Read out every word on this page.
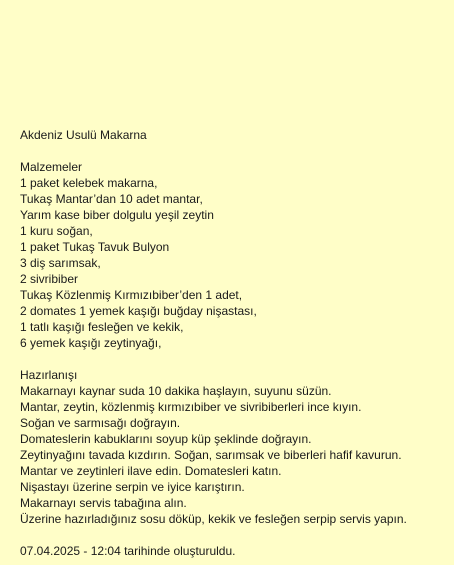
Akdeniz Usulü Makarna
Malzemeler
1 paket kelebek makarna,
Tukaş Mantar’dan 10 adet mantar,
Yarım kase biber dolgulu yeşil zeytin
1 kuru soğan,
1 paket Tukaş Tavuk Bulyon
3 diş sarımsak,
2 sivribiber
Tukaş Közlenmiş Kırmızıbiber’den 1 adet,
2 domates 1 yemek kaşığı buğday nişastası,
1 tatlı kaşığı fesleğen ve kekik,
6 yemek kaşığı zeytinyağı,
Hazırlanışı
Makarnayı kaynar suda 10 dakika haşlayın, suyunu süzün.
Mantar, zeytin, közlenmiş kırmızıbiber ve sivribiberleri ince kıyın.
Soğan ve sarmısağı doğrayın.
Domateslerin kabuklarını soyup küp şeklinde doğrayın.
Zeytinyağını tavada kızdırın. Soğan, sarımsak ve biberleri hafif kavurun.
Mantar ve zeytinleri ilave edin. Domatesleri katın.
Nişastayı üzerine serpin ve iyice karıştırın.
Makarnayı servis tabağına alın.
Üzerine hazırladığınız sosu döküp, kekik ve fesleğen serpip servis yapın.
07.04.2025 - 12:04 tarihinde oluşturuldu.
